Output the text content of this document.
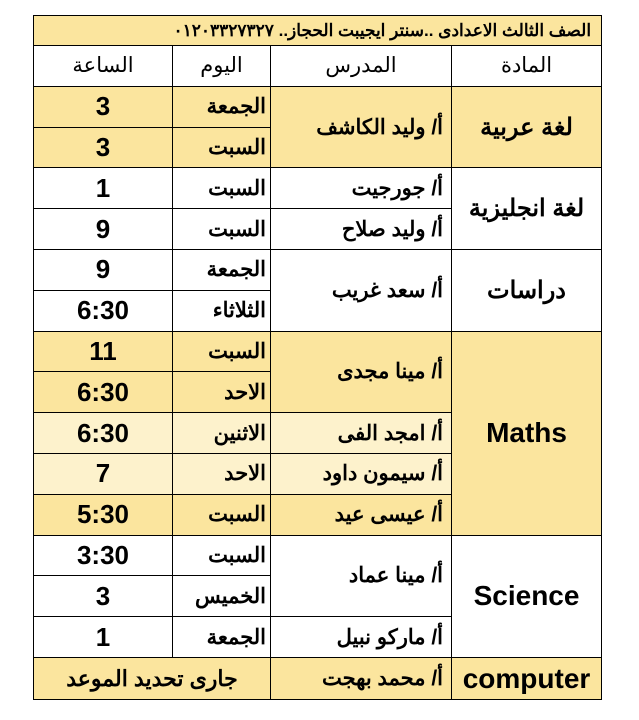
الصف الثالث الاعدادى ..سنتر ايجيبت الحجاز.. ٠١٢٠٣٣٢٧٣٢٧			
الساعة	اليوم	المدرس	المادة
3	الجمعة	أ/ وليد الكاشف	لغة عربية
3	السبت		
1	السبت	أ/ جورجيت	لغة انجليزية
9	السبت	أ/ وليد صلاح	
9	الجمعة	أ/ سعد غريب	دراسات
6:30	الثلاثاء		
11	السبت	أ/ مينا مجدى	Maths
6:30	الاحد		
6:30	الاثنين	أ/ امجد الفى	
7	الاحد	أ/ سيمون داود	
5:30	السبت	أ/ عيسى عيد	
3:30	السبت	أ/ مينا عماد	Science
3	الخميس		
1	الجمعة	أ/ ماركو نبيل	
جارى تحديد الموعد		أ/ محمد بهجت	computer
